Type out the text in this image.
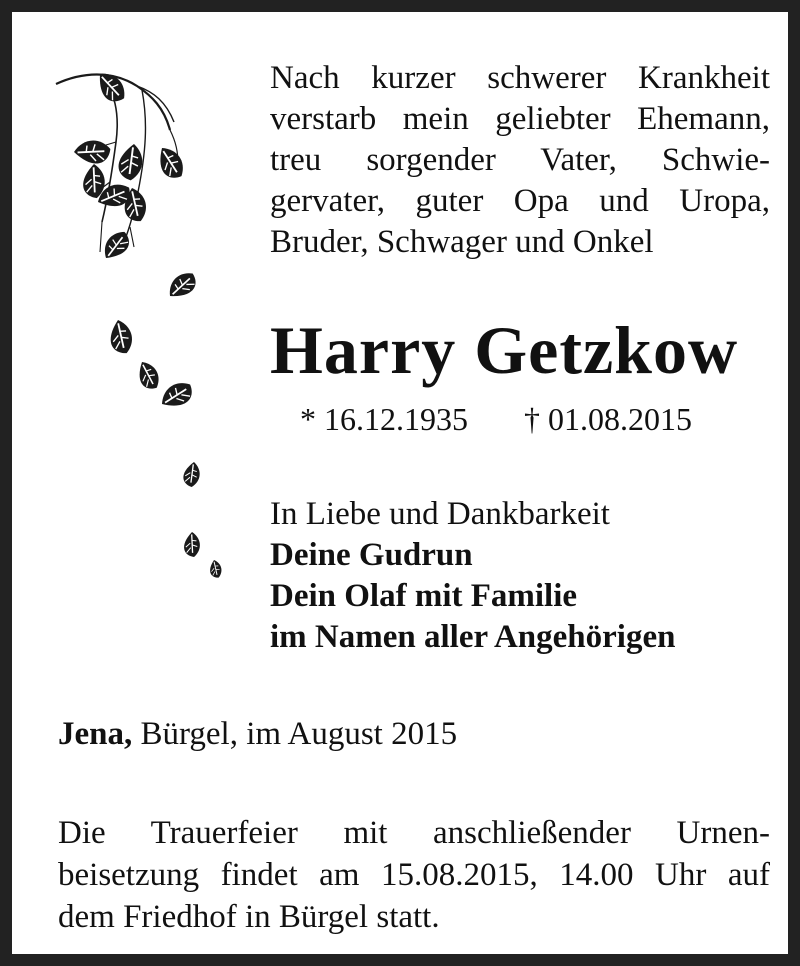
Nach kurzer schwerer Krankheit
verstarb mein geliebter Ehemann,
treu sorgender Vater, Schwie-
gervater, guter Opa und Uropa,
Bruder, Schwager und Onkel
Harry Getzkow
* 16.12.1935 † 01.08.2015
In Liebe und Dankbarkeit
Deine Gudrun
Dein Olaf mit Familie
im Namen aller Angehörigen
Jena, Bürgel, im August 2015
Die Trauerfeier mit anschließender Urnen-
beisetzung findet am 15.08.2015, 14.00 Uhr auf
dem Friedhof in Bürgel statt.
